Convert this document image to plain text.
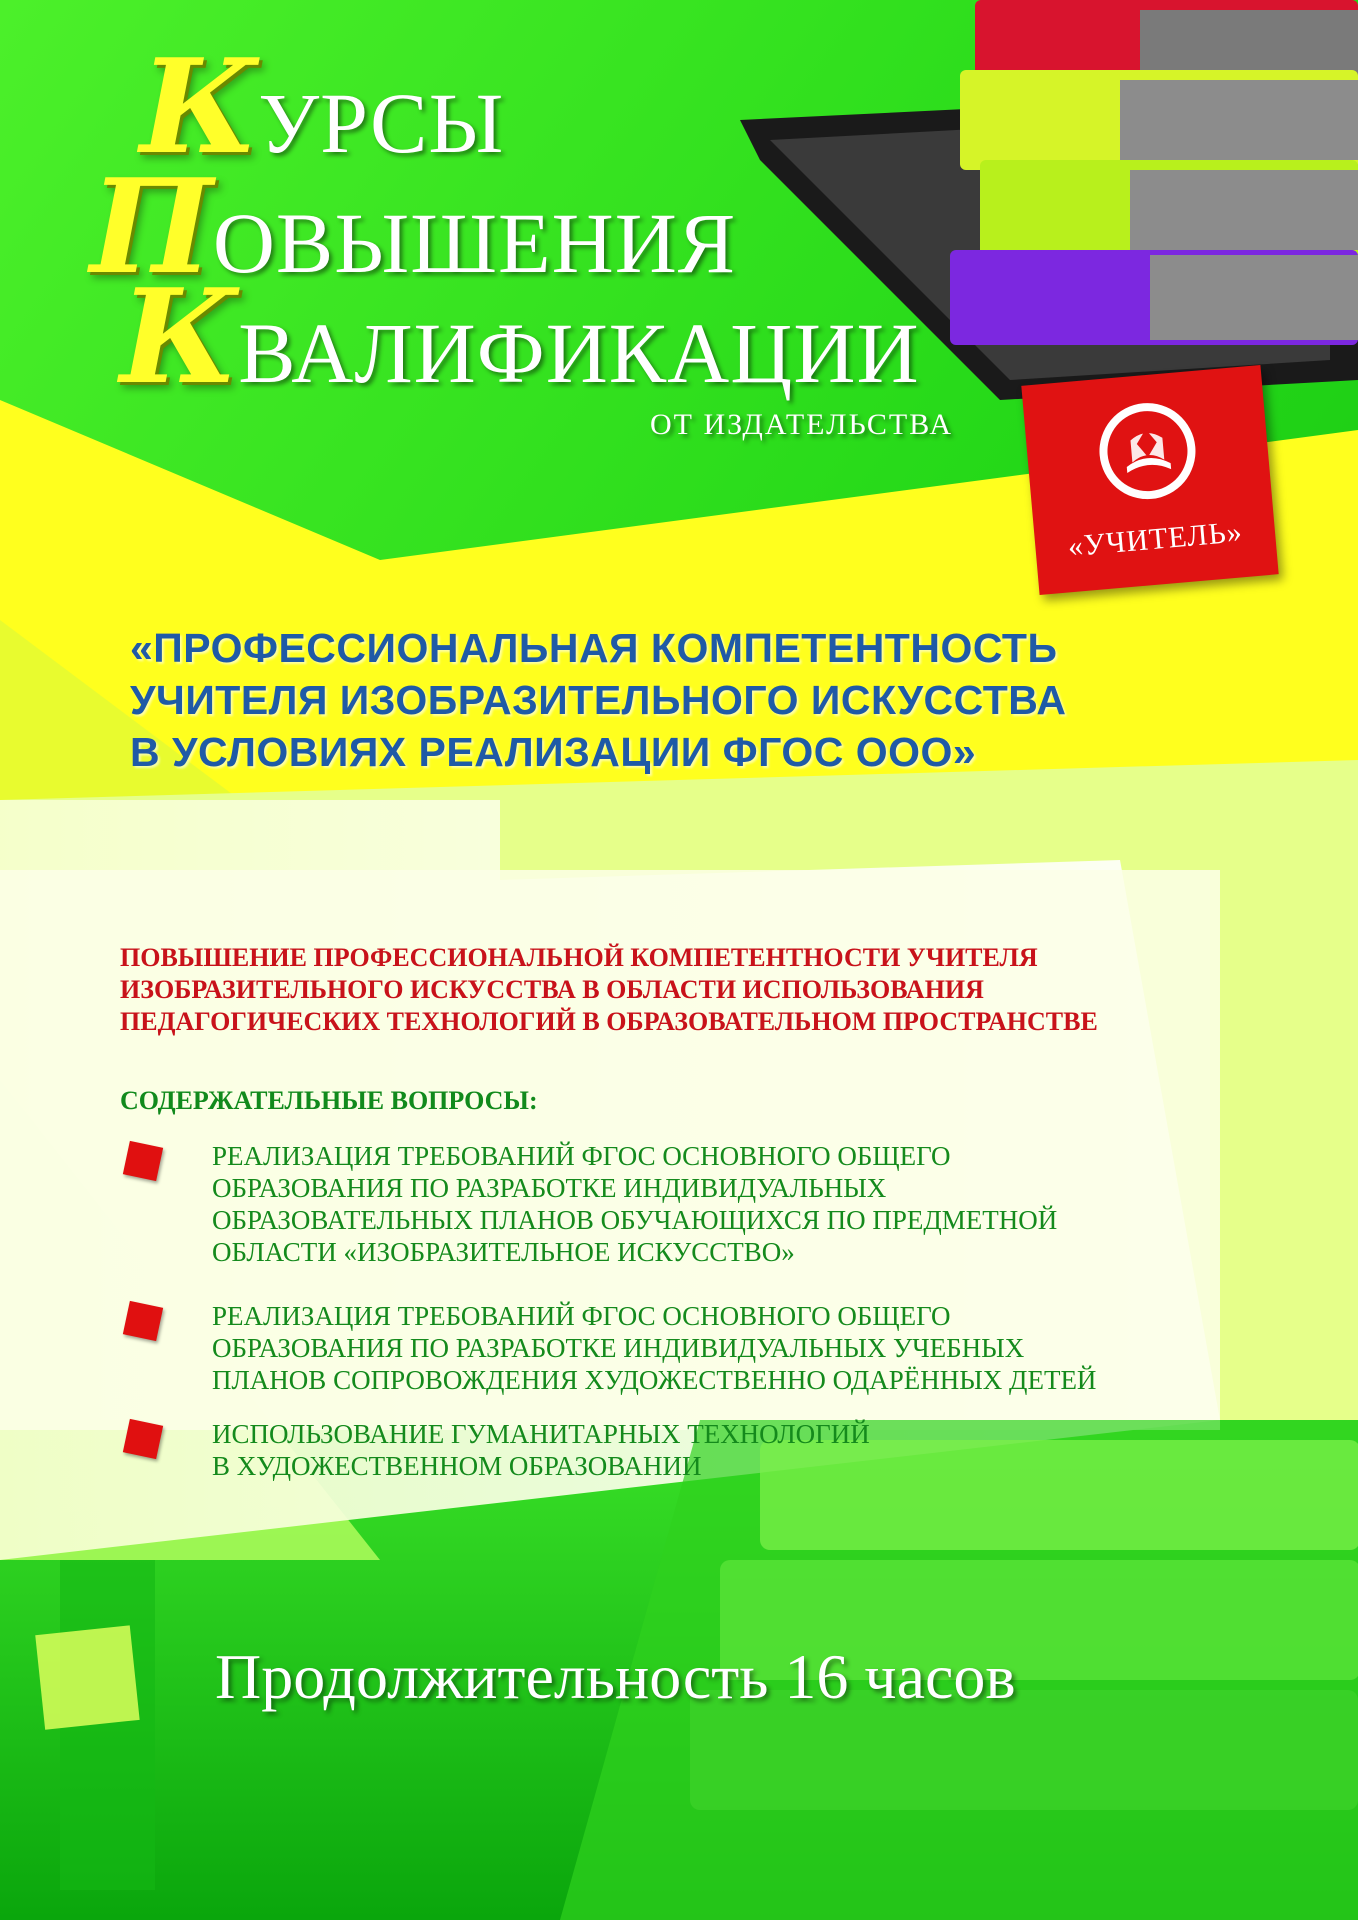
КУРСЫ
ПОВЫШЕНИЯ
КВАЛИФИКАЦИИ
ОТ ИЗДАТЕЛЬСТВА
«УЧИТЕЛЬ»
«ПРОФЕССИОНАЛЬНАЯ КОМПЕТЕНТНОСТЬ
УЧИТЕЛЯ ИЗОБРАЗИТЕЛЬНОГО ИСКУССТВА
В УСЛОВИЯХ РЕАЛИЗАЦИИ ФГОС ООО»
ПОВЫШЕНИЕ ПРОФЕССИОНАЛЬНОЙ КОМПЕТЕНТНОСТИ УЧИТЕЛЯ
ИЗОБРАЗИТЕЛЬНОГО ИСКУССТВА В ОБЛАСТИ ИСПОЛЬЗОВАНИЯ
ПЕДАГОГИЧЕСКИХ ТЕХНОЛОГИЙ В ОБРАЗОВАТЕЛЬНОМ ПРОСТРАНСТВЕ
СОДЕРЖАТЕЛЬНЫЕ ВОПРОСЫ:
РЕАЛИЗАЦИЯ ТРЕБОВАНИЙ ФГОС ОСНОВНОГО ОБЩЕГО
ОБРАЗОВАНИЯ ПО РАЗРАБОТКЕ ИНДИВИДУАЛЬНЫХ
ОБРАЗОВАТЕЛЬНЫХ ПЛАНОВ ОБУЧАЮЩИХСЯ ПО ПРЕДМЕТНОЙ
ОБЛАСТИ «ИЗОБРАЗИТЕЛЬНОЕ ИСКУССТВО»
РЕАЛИЗАЦИЯ ТРЕБОВАНИЙ ФГОС ОСНОВНОГО ОБЩЕГО
ОБРАЗОВАНИЯ ПО РАЗРАБОТКЕ ИНДИВИДУАЛЬНЫХ УЧЕБНЫХ
ПЛАНОВ СОПРОВОЖДЕНИЯ ХУДОЖЕСТВЕННО ОДАРЁННЫХ ДЕТЕЙ
ИСПОЛЬЗОВАНИЕ ГУМАНИТАРНЫХ ТЕХНОЛОГИЙ
В ХУДОЖЕСТВЕННОМ ОБРАЗОВАНИИ
Продолжительность 16 часов
